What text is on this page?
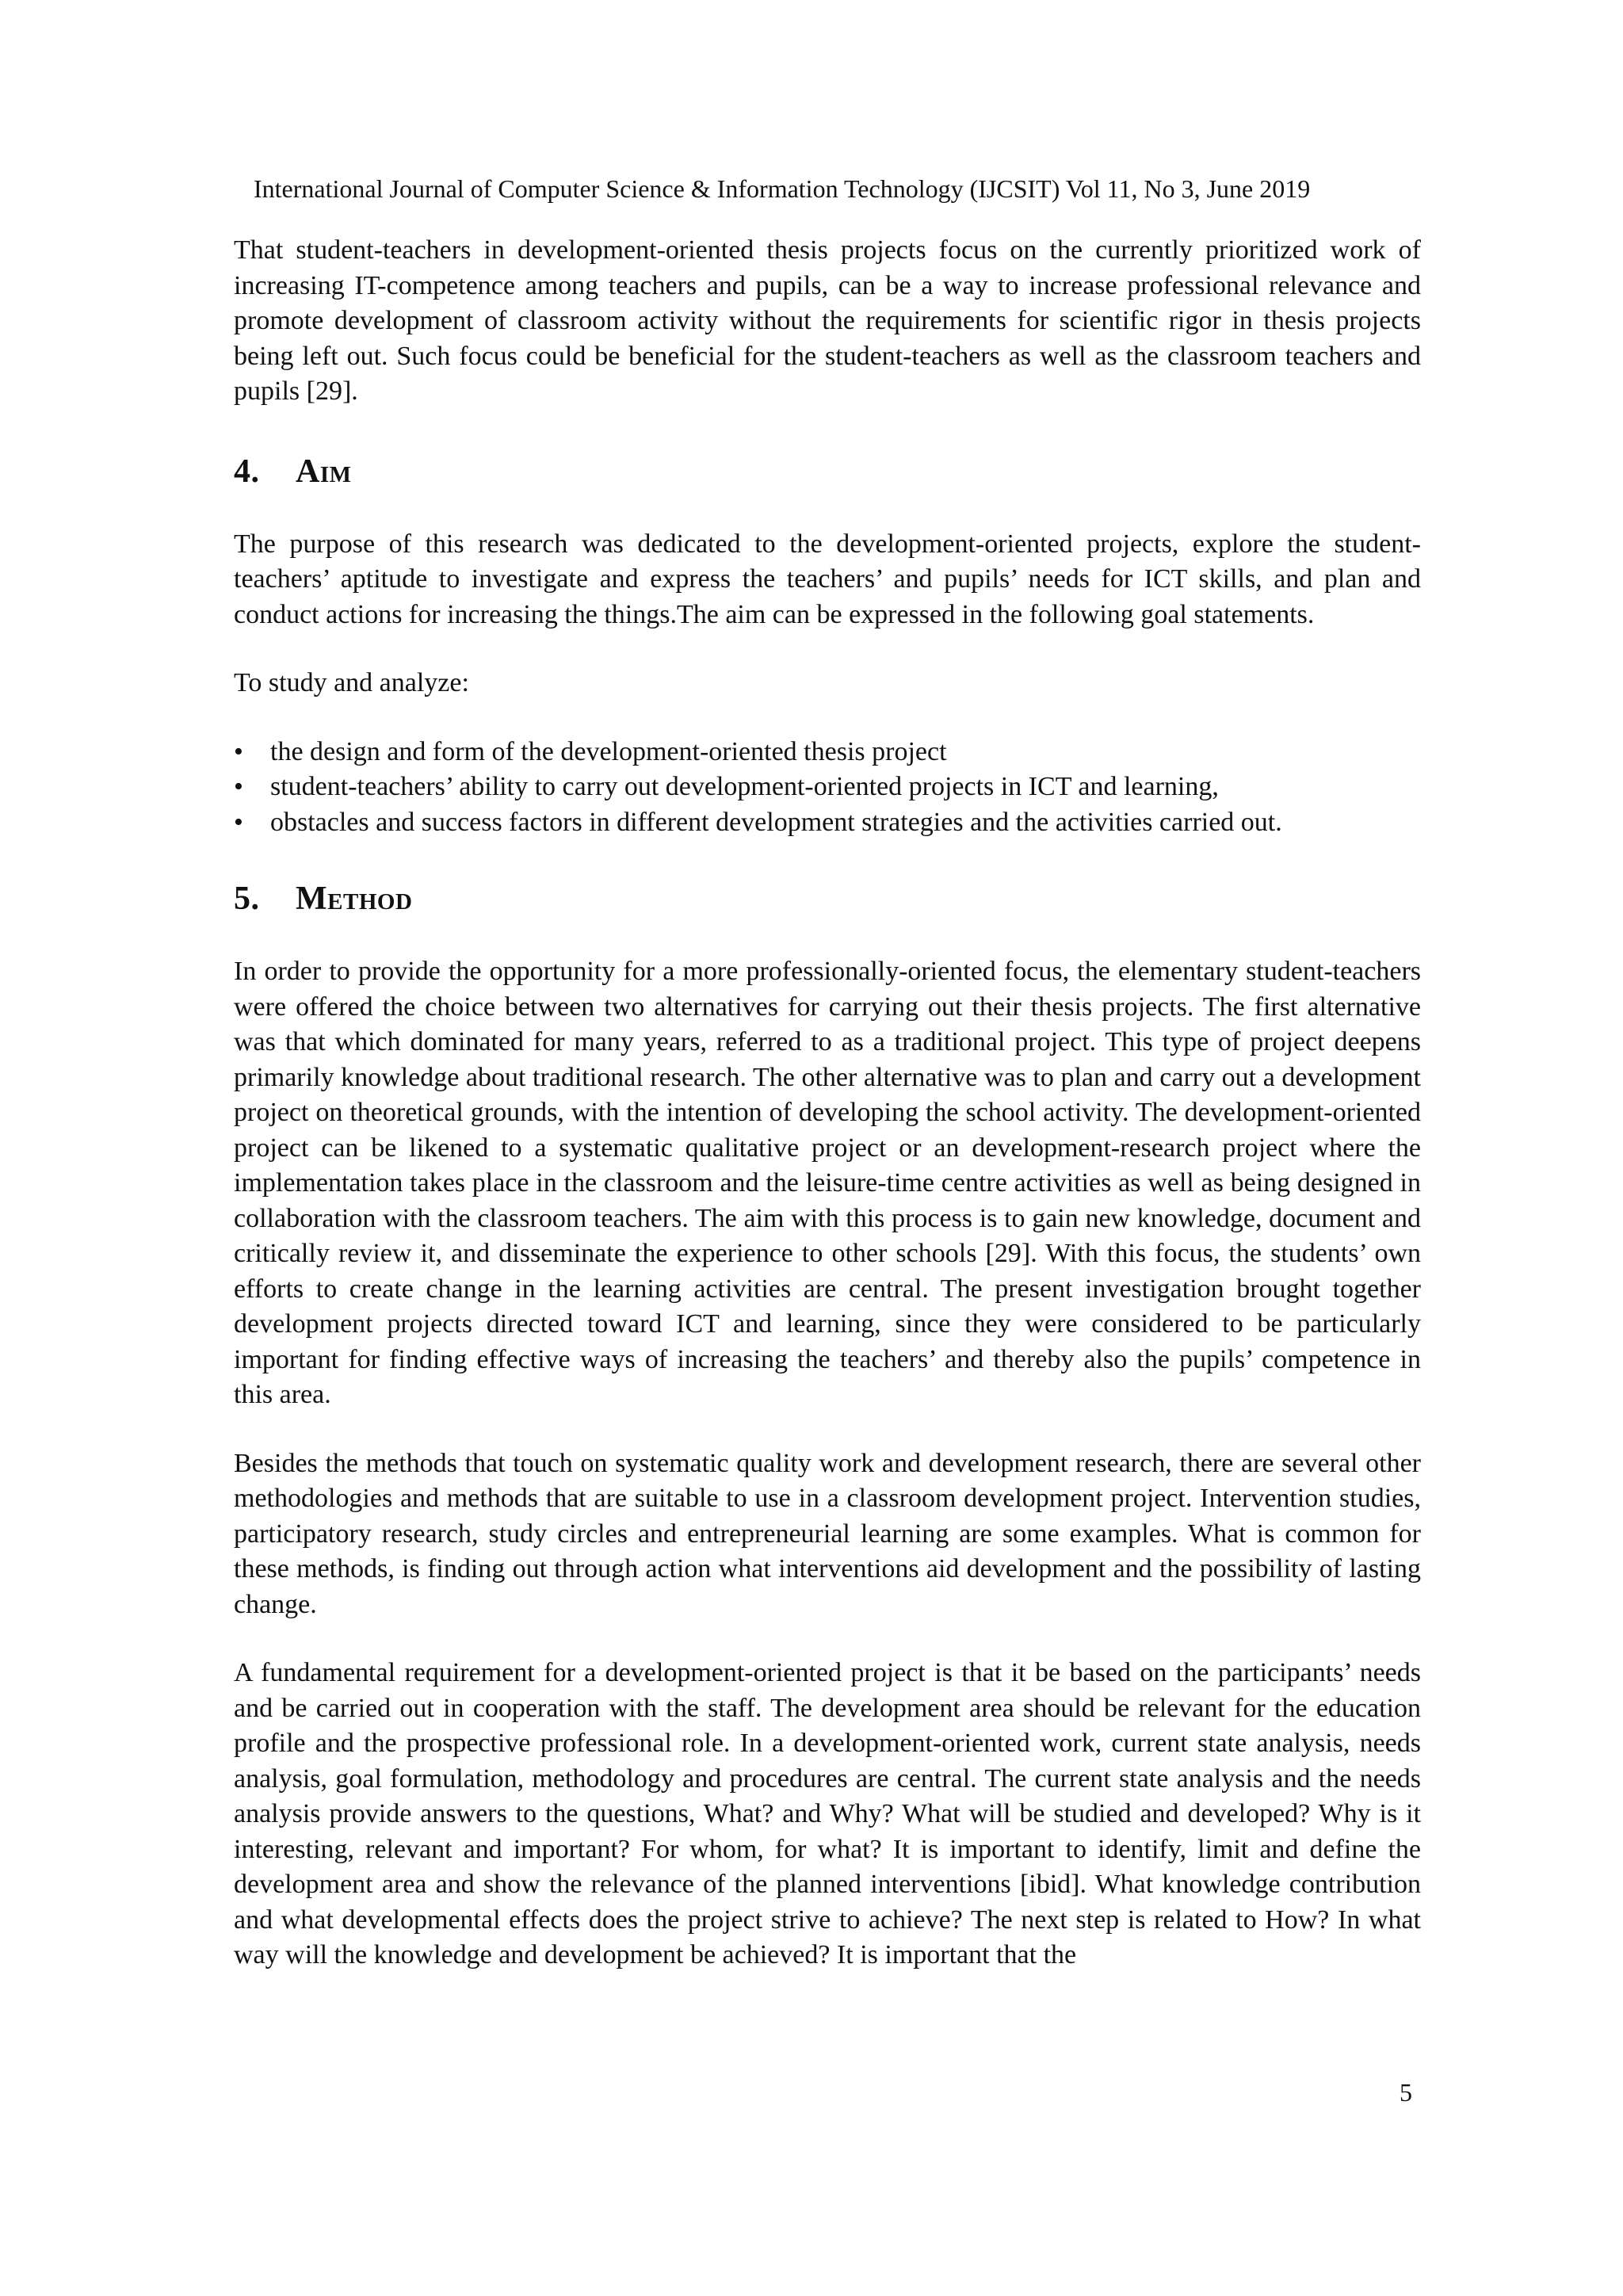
International Journal of Computer Science & Information Technology (IJCSIT) Vol 11, No 3, June 2019

That student-teachers in development-oriented thesis projects focus on the currently prioritized work of increasing IT-competence among teachers and pupils, can be a way to increase professional relevance and promote development of classroom activity without the requirements for scientific rigor in thesis projects being left out. Such focus could be beneficial for the student-teachers as well as the classroom teachers and pupils [29].

4. Aim

The purpose of this research was dedicated to the development-oriented projects, explore the student-teachers’ aptitude to investigate and express the teachers’ and pupils’ needs for ICT skills, and plan and conduct actions for increasing the things.The aim can be expressed in the following goal statements.

To study and analyze:

• the design and form of the development-oriented thesis project
• student-teachers’ ability to carry out development-oriented projects in ICT and learning,
• obstacles and success factors in different development strategies and the activities carried out.
5. Method

In order to provide the opportunity for a more professionally-oriented focus, the elementary student-teachers were offered the choice between two alternatives for carrying out their thesis projects. The first alternative was that which dominated for many years, referred to as a traditional project. This type of project deepens primarily knowledge about traditional research. The other alternative was to plan and carry out a development project on theoretical grounds, with the intention of developing the school activity. The development-oriented project can be likened to a systematic qualitative project or an development-research project where the implementation takes place in the classroom and the leisure-time centre activities as well as being designed in collaboration with the classroom teachers. The aim with this process is to gain new knowledge, document and critically review it, and disseminate the experience to other schools [29]. With this focus, the students’ own efforts to create change in the learning activities are central. The present investigation brought together development projects directed toward ICT and learning, since they were considered to be particularly important for finding effective ways of increasing the teachers’ and thereby also the pupils’ competence in this area.

Besides the methods that touch on systematic quality work and development research, there are several other methodologies and methods that are suitable to use in a classroom development project. Intervention studies, participatory research, study circles and entrepreneurial learning are some examples. What is common for these methods, is finding out through action what interventions aid development and the possibility of lasting change.

A fundamental requirement for a development-oriented project is that it be based on the participants’ needs and be carried out in cooperation with the staff. The development area should be relevant for the education profile and the prospective professional role. In a development-oriented work, current state analysis, needs analysis, goal formulation, methodology and procedures are central. The current state analysis and the needs analysis provide answers to the questions, What? and Why? What will be studied and developed? Why is it interesting, relevant and important? For whom, for what? It is important to identify, limit and define the development area and show the relevance of the planned interventions [ibid]. What knowledge contribution and what developmental effects does the project strive to achieve? The next step is related to How? In what way will the knowledge and development be achieved? It is important that the

5
